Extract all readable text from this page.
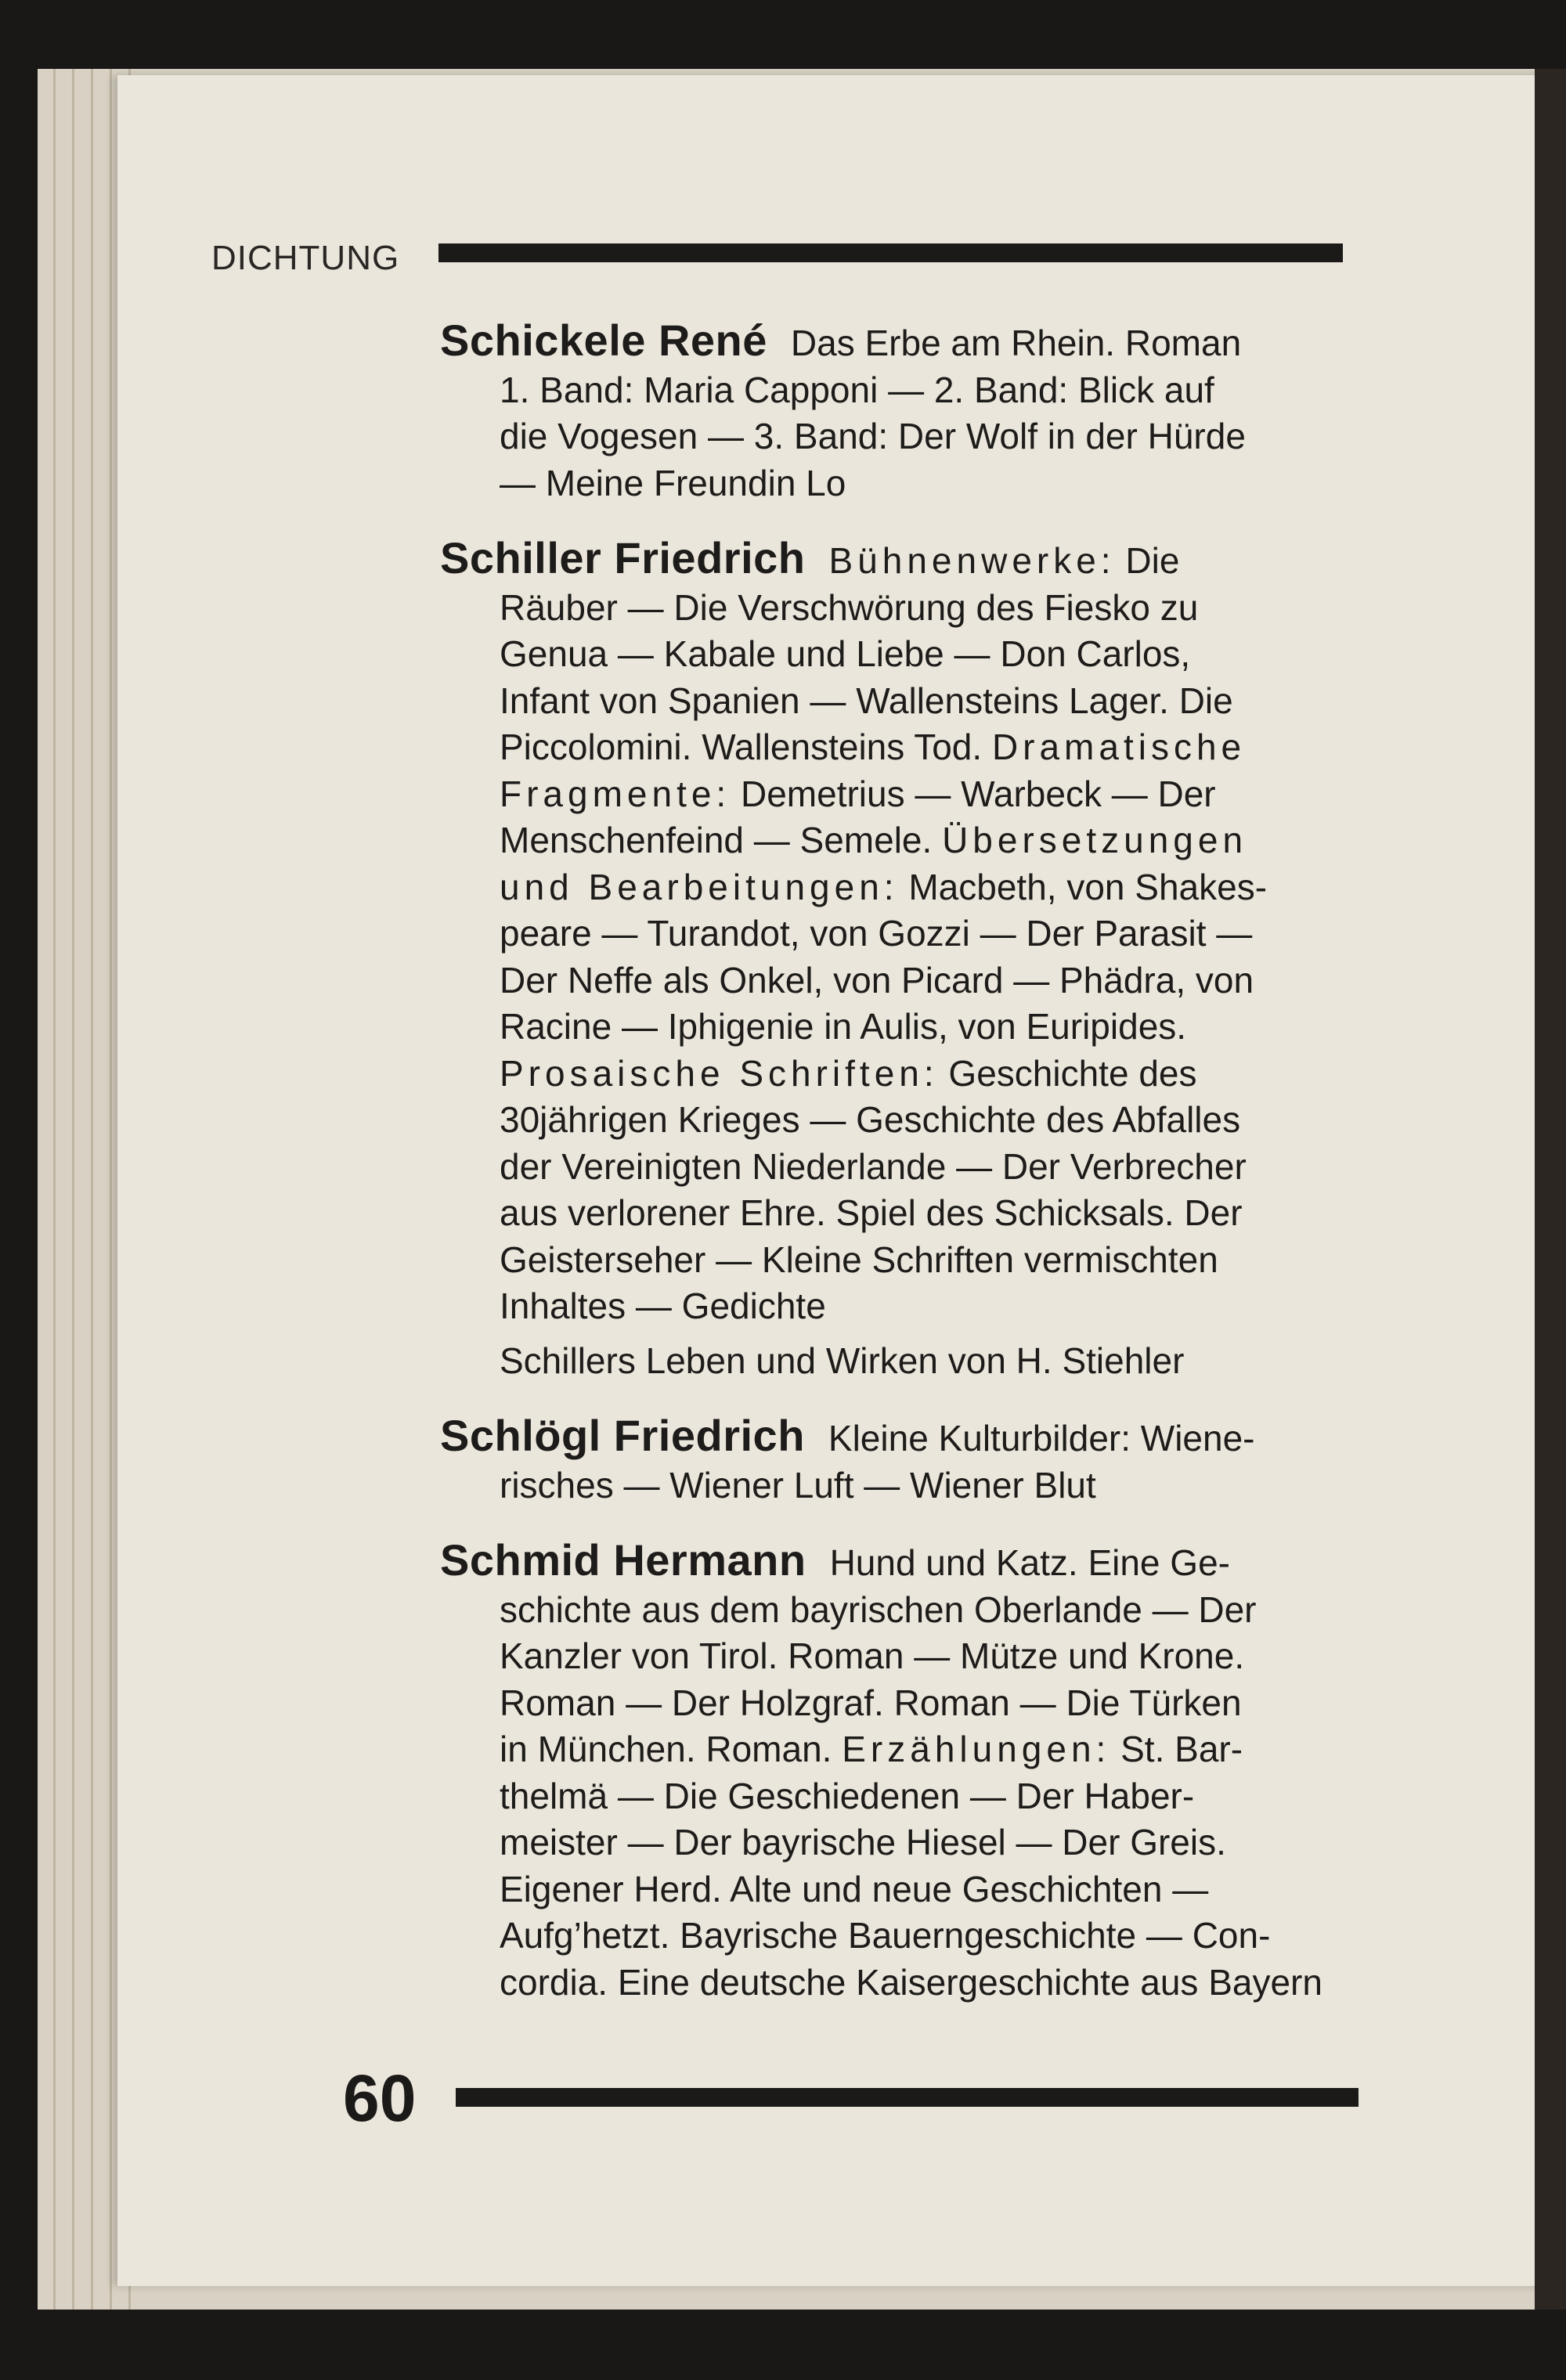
DICHTUNG
Schickele René Das Erbe am Rhein. Roman
1. Band: Maria Capponi — 2. Band: Blick auf
die Vogesen — 3. Band: Der Wolf in der Hürde
— Meine Freundin Lo
Schiller Friedrich Bühnenwerke: Die
Räuber — Die Verschwörung des Fiesko zu
Genua — Kabale und Liebe — Don Carlos,
Infant von Spanien — Wallensteins Lager. Die
Piccolomini. Wallensteins Tod. Dramatische
Fragmente: Demetrius — Warbeck — Der
Menschenfeind — Semele. Übersetzungen
und Bearbeitungen: Macbeth, von Shakes-
peare — Turandot, von Gozzi — Der Parasit —
Der Neffe als Onkel, von Picard — Phädra, von
Racine — Iphigenie in Aulis, von Euripides.
Prosaische Schriften: Geschichte des
30jährigen Krieges — Geschichte des Abfalles
der Vereinigten Niederlande — Der Verbrecher
aus verlorener Ehre. Spiel des Schicksals. Der
Geisterseher — Kleine Schriften vermischten
Inhaltes — Gedichte
Schillers Leben und Wirken von H. Stiehler
Schlögl Friedrich Kleine Kulturbilder: Wiene-
risches — Wiener Luft — Wiener Blut
Schmid Hermann Hund und Katz. Eine Ge-
schichte aus dem bayrischen Oberlande — Der
Kanzler von Tirol. Roman — Mütze und Krone.
Roman — Der Holzgraf. Roman — Die Türken
in München. Roman. Erzählungen: St. Bar-
thelmä — Die Geschiedenen — Der Haber-
meister — Der bayrische Hiesel — Der Greis.
Eigener Herd. Alte und neue Geschichten —
Aufg’hetzt. Bayrische Bauerngeschichte — Con-
cordia. Eine deutsche Kaisergeschichte aus Bayern
60
